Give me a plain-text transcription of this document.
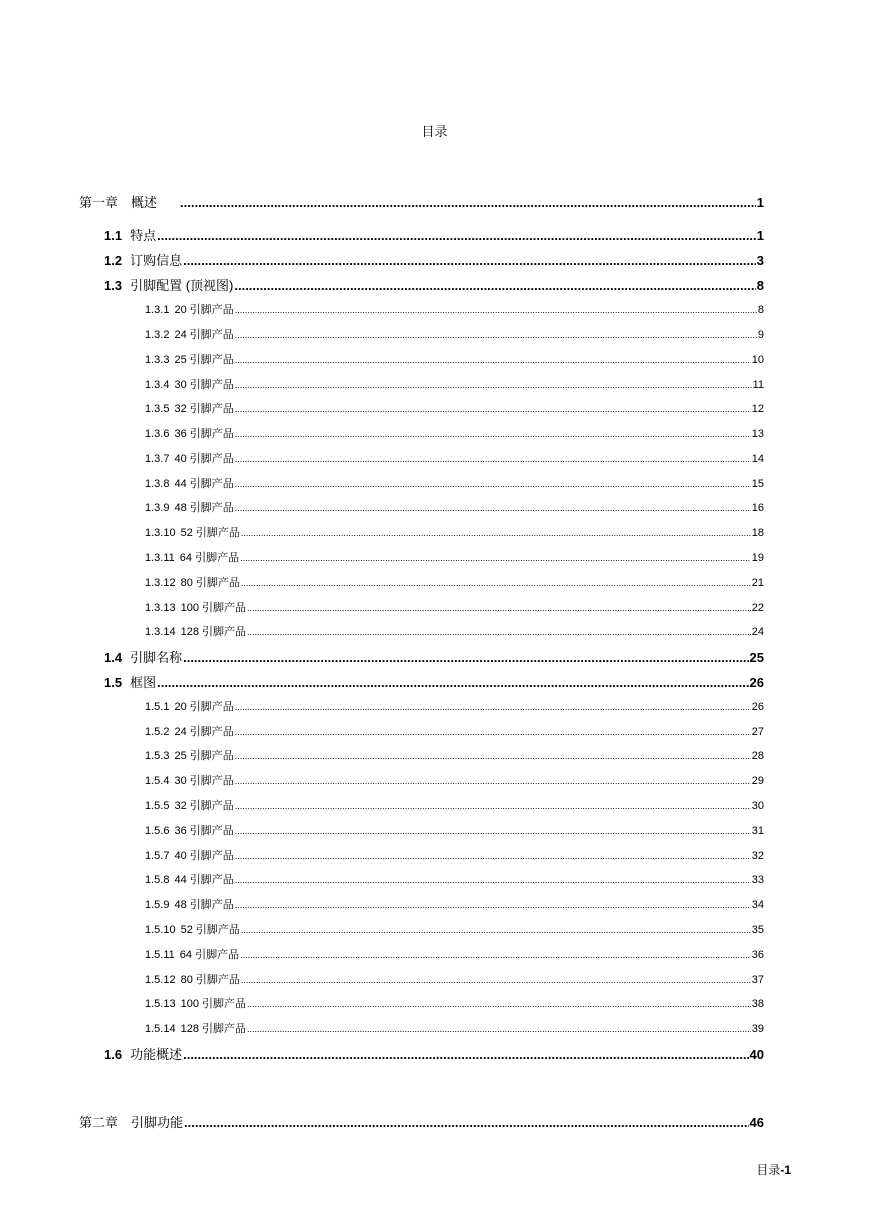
目录
第一章 概述 .....	1
1.1 特点 .....	1
1.2 订购信息 .....	3
1.3 引脚配置 (顶视图) .....	8
1.3.1 20 引脚产品 .....	8
1.3.2 24 引脚产品 .....	9
1.3.3 25 引脚产品 .....	10
1.3.4 30 引脚产品 .....	11
1.3.5 32 引脚产品 .....	12
1.3.6 36 引脚产品 .....	13
1.3.7 40 引脚产品 .....	14
1.3.8 44 引脚产品 .....	15
1.3.9 48 引脚产品 .....	16
1.3.10 52 引脚产品 .....	18
1.3.11 64 引脚产品 .....	19
1.3.12 80 引脚产品 .....	21
1.3.13 100 引脚产品 .....	22
1.3.14 128 引脚产品 .....	24
1.4 引脚名称 .....	25
1.5 框图 .....	26
1.5.1 20 引脚产品 .....	26
1.5.2 24 引脚产品 .....	27
1.5.3 25 引脚产品 .....	28
1.5.4 30 引脚产品 .....	29
1.5.5 32 引脚产品 .....	30
1.5.6 36 引脚产品 .....	31
1.5.7 40 引脚产品 .....	32
1.5.8 44 引脚产品 .....	33
1.5.9 48 引脚产品 .....	34
1.5.10 52 引脚产品 .....	35
1.5.11 64 引脚产品 .....	36
1.5.12 80 引脚产品 .....	37
1.5.13 100 引脚产品 .....	38
1.5.14 128 引脚产品 .....	39
1.6 功能概述 .....	40
第二章 引脚功能 .....	46
目录-1
